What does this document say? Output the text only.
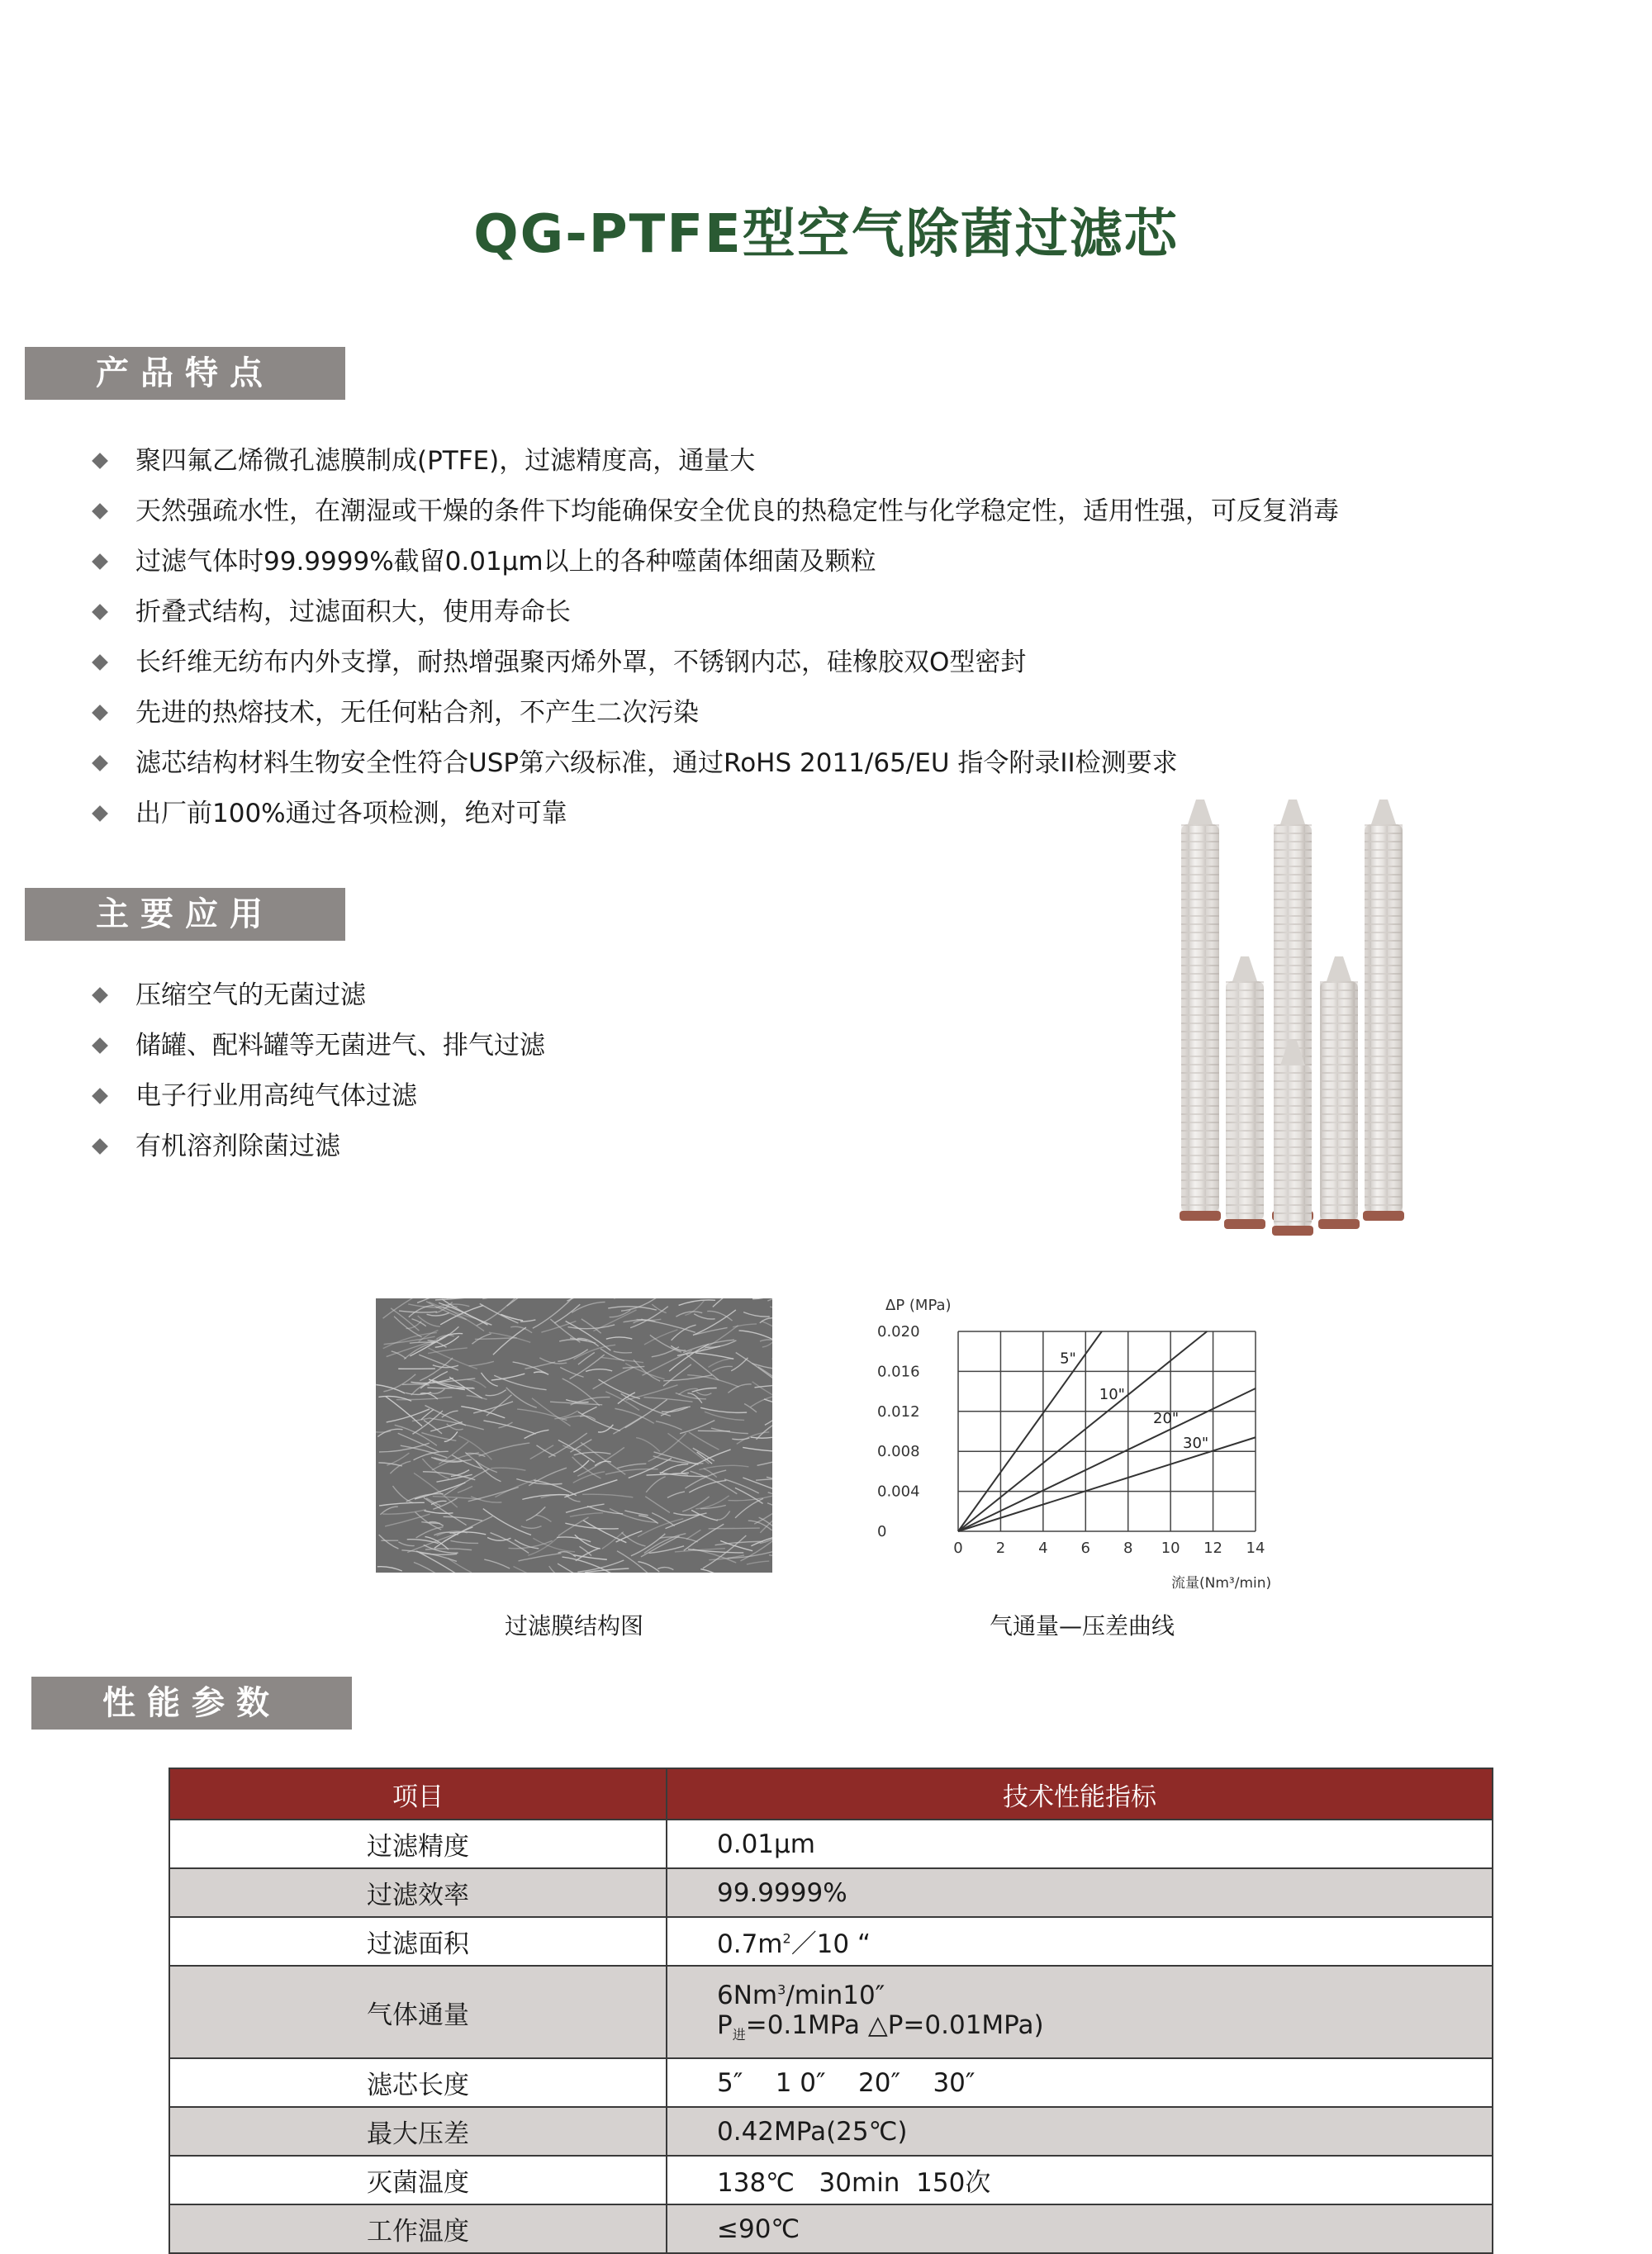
QG-PTFE型空气除菌过滤芯
产品特点
聚四氟乙烯微孔滤膜制成(PTFE)，过滤精度高，通量大
天然强疏水性，在潮湿或干燥的条件下均能确保安全优良的热稳定性与化学稳定性，适用性强，可反复消毒
过滤气体时99.9999%截留0.01μm以上的各种噬菌体细菌及颗粒
折叠式结构，过滤面积大，使用寿命长
长纤维无纺布内外支撑，耐热增强聚丙烯外罩，不锈钢内芯，硅橡胶双O型密封
先进的热熔技术，无任何粘合剂，不产生二次污染
滤芯结构材料生物安全性符合USP第六级标准，通过RoHS 2011/65/EU 指令附录II检测要求
出厂前100%通过各项检测，绝对可靠
主要应用
压缩空气的无菌过滤
储罐、配料罐等无菌进气、排气过滤
电子行业用高纯气体过滤
有机溶剂除菌过滤
过滤膜结构图
0 2 4 6 8 10 12 14
0
0.004
0.008
0.012
0.016
0.020
5"
10"
20"
30"
ΔP (MPa)
流量(Nm³/min)
气通量—压差曲线
性能参数
项目	技术性能指标
过滤精度	0.01μm
过滤效率	99.9999%
过滤面积	$0.7m^2/10$ “
气体通量	6Nm$^3$/min10″
$P_进=0.1MPa$ △P=0.01MPa)

滤芯长度	5″    1 0″    20″    30″
最大压差	0.42MPa(25℃)
灭菌温度	138℃   30min  150次
工作温度	≤90℃
